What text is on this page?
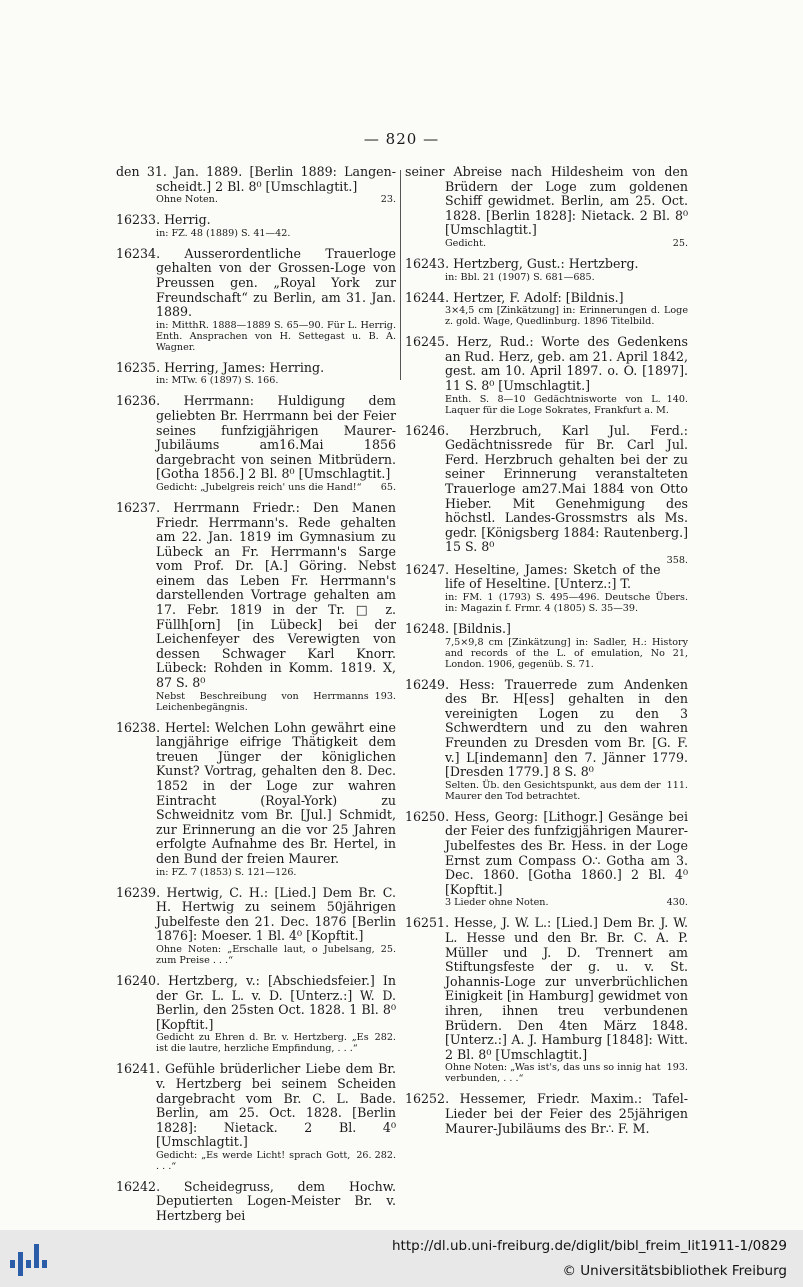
— 820 —
den 31. Jan. 1889. [Berlin 1889: Langen-scheidt.] 2 Bl. 8⁰ [Umschlagtit.]
23.
Ohne Noten.
16233. Herrig.
in: FZ. 48 (1889) S. 41—42.
16234. Ausserordentliche Trauerloge gehalten von der Grossen-Loge von Preussen gen. „Royal York zur Freundschaft“ zu Berlin, am 31. Jan. 1889.
in: MitthR. 1888—1889 S. 65—90. Für L. Herrig. Enth. Ansprachen von H. Settegast u. B. A. Wagner.
16235. Herring, James: Herring.
in: MTw. 6 (1897) S. 166.
16236. Herrmann: Huldigung dem geliebten Br. Herrmann bei der Feier seines funfzigjährigen Maurer-Jubiläums am16.Mai 1856 dargebracht von seinen Mitbrüdern. [Gotha 1856.] 2 Bl. 8⁰ [Umschlagtit.]
65.
Gedicht: „Jubelgreis reich' uns die Hand!“
16237. Herrmann Friedr.: Den Manen Friedr. Herrmann's. Rede gehalten am 22. Jan. 1819 im Gymnasium zu Lübeck an Fr. Herrmann's Sarge vom Prof. Dr. [A.] Göring. Nebst einem das Leben Fr. Herrmann's darstellenden Vortrage gehalten am 17. Febr. 1819 in der Tr. □ z. Füllh[orn] [in Lübeck] bei der Leichenfeyer des Verewigten von dessen Schwager Karl Knorr. Lübeck: Rohden in Komm. 1819. X, 87 S. 8⁰
193.
Nebst Beschreibung von Herrmanns Leichenbegängnis.
16238. Hertel: Welchen Lohn gewährt eine langjährige eifrige Thätigkeit dem treuen Jünger der königlichen Kunst? Vortrag, gehalten den 8. Dec. 1852 in der Loge zur wahren Eintracht (Royal-York) zu Schweidnitz vom Br. [Jul.] Schmidt, zur Erinnerung an die vor 25 Jahren erfolgte Aufnahme des Br. Hertel, in den Bund der freien Maurer.
in: FZ. 7 (1853) S. 121—126.
16239. Hertwig, C. H.: [Lied.] Dem Br. C. H. Hertwig zu seinem 50jährigen Jubelfeste den 21. Dec. 1876 [Berlin 1876]: Moeser. 1 Bl. 4⁰ [Kopftit.]
25.
Ohne Noten: „Erschalle laut, o Jubelsang, zum Preise . . .“
16240. Hertzberg, v.: [Abschiedsfeier.] In der Gr. L. L. v. D. [Unterz.:] W. D. Berlin, den 25sten Oct. 1828. 1 Bl. 8⁰ [Kopftit.]
282.
Gedicht zu Ehren d. Br. v. Hertzberg. „Es ist die lautre, herzliche Empfindung, . . .“
16241. Gefühle brüderlicher Liebe dem Br. v. Hertzberg bei seinem Scheiden dargebracht vom Br. C. L. Bade. Berlin, am 25. Oct. 1828. [Berlin 1828]: Nietack. 2 Bl. 4⁰ [Umschlagtit.]
26. 282.
Gedicht: „Es werde Licht! sprach Gott, . . .“
16242. Scheidegruss, dem Hochw. Deputierten Logen-Meister Br. v. Hertzberg bei
seiner Abreise nach Hildesheim von den Brüdern der Loge zum goldenen Schiff gewidmet. Berlin, am 25. Oct. 1828. [Berlin 1828]: Nietack. 2 Bl. 8⁰ [Umschlagtit.]
25.
Gedicht.
16243. Hertzberg, Gust.: Hertzberg.
in: Bbl. 21 (1907) S. 681—685.
16244. Hertzer, F. Adolf: [Bildnis.]
3×4,5 cm [Zinkätzung] in: Erinnerungen d. Loge z. gold. Wage, Quedlinburg. 1896 Titelbild.
16245. Herz, Rud.: Worte des Gedenkens an Rud. Herz, geb. am 21. April 1842, gest. am 10. April 1897. o. O. [1897]. 11 S. 8⁰ [Umschlagtit.]
140.
Enth. S. 8—10 Gedächtnisworte von L. Laquer für die Loge Sokrates, Frankfurt a. M.
16246. Herzbruch, Karl Jul. Ferd.: Gedächtnissrede für Br. Carl Jul. Ferd. Herzbruch gehalten bei der zu seiner Erinnerung veranstalteten Trauerloge am27.Mai 1884 von Otto Hieber. Mit Genehmigung des höchstl. Landes-Grossmstrs als Ms. gedr. [Königsberg 1884: Rautenberg.] 15 S. 8⁰
358.
16247. Heseltine, James: Sketch of the life of Heseltine. [Unterz.:] T.
in: FM. 1 (1793) S. 495—496. Deutsche Übers. in: Magazin f. Frmr. 4 (1805) S. 35—39.
16248. [Bildnis.]
7,5×9,8 cm [Zinkätzung] in: Sadler, H.: History and records of the L. of emulation, No 21, London. 1906, gegenüb. S. 71.
16249. Hess: Trauerrede zum Andenken des Br. H[ess] gehalten in den vereinigten Logen zu den 3 Schwerdtern und zu den wahren Freunden zu Dresden vom Br. [G. F. v.] L[indemann] den 7. Jänner 1779. [Dresden 1779.] 8 S. 8⁰
111.
Selten. Üb. den Gesichtspunkt, aus dem der Maurer den Tod betrachtet.
16250. Hess, Georg: [Lithogr.] Gesänge bei der Feier des funfzigjährigen Maurer-Jubelfestes des Br. Hess. in der Loge Ernst zum Compass O∴ Gotha am 3. Dec. 1860. [Gotha 1860.] 2 Bl. 4⁰ [Kopftit.]
430.
3 Lieder ohne Noten.
16251. Hesse, J. W. L.: [Lied.] Dem Br. J. W. L. Hesse und den Br. Br. C. A. P. Müller und J. D. Trennert am Stiftungsfeste der g. u. v. St. Johannis-Loge zur unverbrüchlichen Einigkeit [in Hamburg] gewidmet von ihren, ihnen treu verbundenen Brüdern. Den 4ten März 1848. [Unterz.:] A. J. Hamburg [1848]: Witt. 2 Bl. 8⁰ [Umschlagtit.]
193.
Ohne Noten: „Was ist's, das uns so innig hat verbunden, . . .“
16252. Hessemer, Friedr. Maxim.: Tafel-Lieder bei der Feier des 25jährigen Maurer-Jubiläums des Br∴ F. M.
http://dl.ub.uni-freiburg.de/diglit/bibl_freim_lit1911-1/0829
© Universitätsbibliothek Freiburg
